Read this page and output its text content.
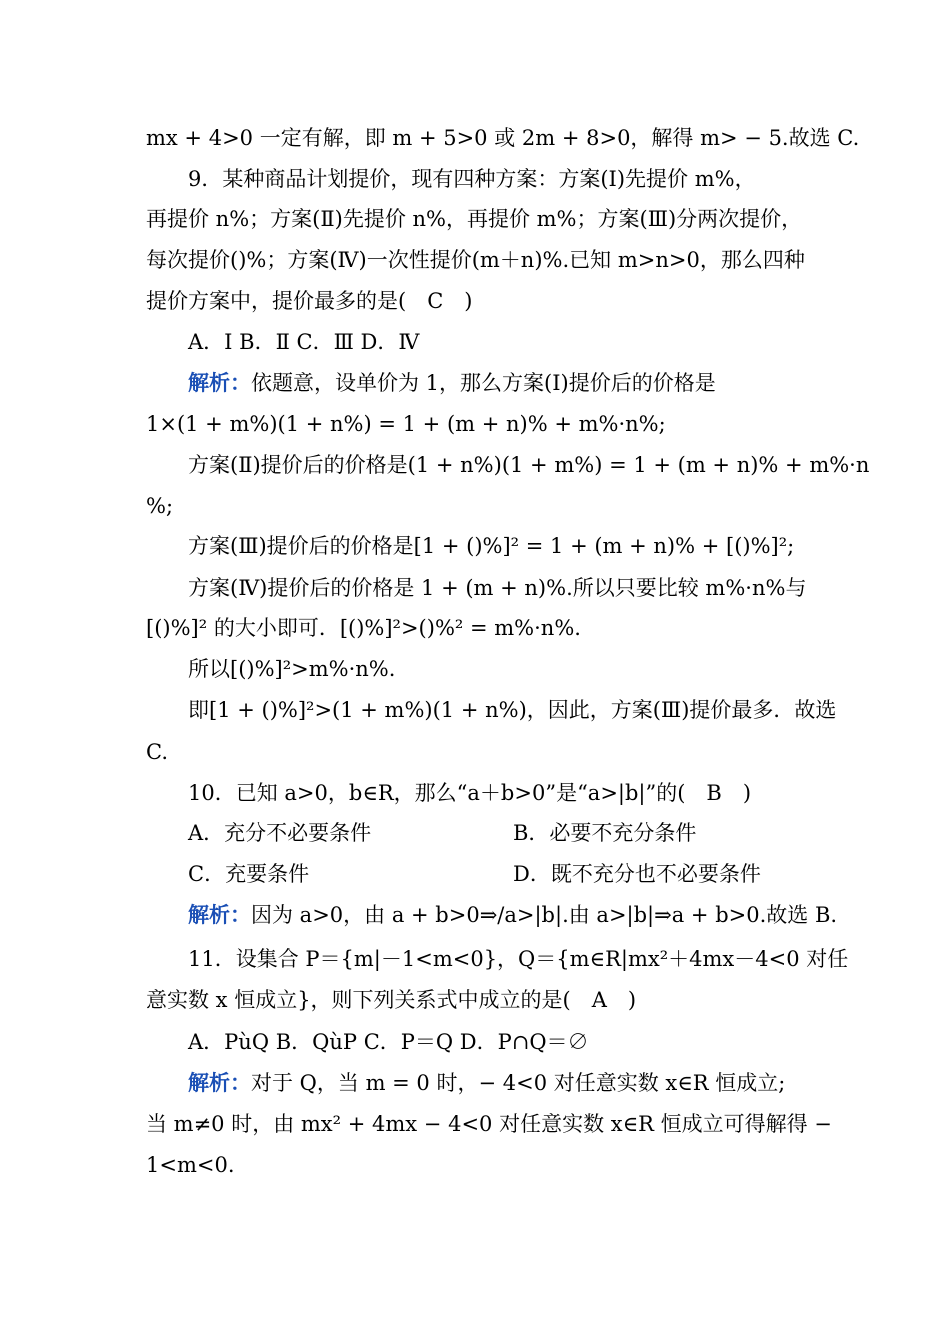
mx + 4>0 一定有解，即 m + 5>0 或 2m + 8>0，解得 m> − 5.故选 C.
9．某种商品计划提价，现有四种方案：方案(Ⅰ)先提价 m%，
再提价 n%；方案(Ⅱ)先提价 n%，再提价 m%；方案(Ⅲ)分两次提价，
每次提价()%；方案(Ⅳ)一次性提价(m＋n)%.已知 m>n>0，那么四种
提价方案中，提价最多的是(　C　)
A．Ⅰ B．Ⅱ C．Ⅲ D．Ⅳ
解析：依题意，设单价为 1，那么方案(Ⅰ)提价后的价格是
1×(1 + m%)(1 + n%) = 1 + (m + n)% + m%·n%;
方案(Ⅱ)提价后的价格是(1 + n%)(1 + m%) = 1 + (m + n)% + m%·n
%;
方案(Ⅲ)提价后的价格是[1 + ()%]² = 1 + (m + n)% + [()%]²;
方案(Ⅳ)提价后的价格是 1 + (m + n)%.所以只要比较 m%·n%与
[()%]² 的大小即可．[()%]²>()%² = m%·n%.
所以[()%]²>m%·n%.
即[1 + ()%]²>(1 + m%)(1 + n%)，因此，方案(Ⅲ)提价最多．故选
C.
10．已知 a>0，b∈R，那么“a＋b>0”是“a>|b|”的(　B　)
A．充分不必要条件	B．必要不充分条件
C．充要条件	D．既不充分也不必要条件
解析：因为 a>0，由 a + b>0⇒/a>|b|.由 a>|b|⇒a + b>0.故选 B.
11．设集合 P＝{m|－1<m<0}，Q＝{m∈R|mx²＋4mx－4<0 对任
意实数 x 恒成立}，则下列关系式中成立的是(　A　)
A．PùQ B．QùP C．P＝Q D．P∩Q＝∅
解析：对于 Q，当 m = 0 时，− 4<0 对任意实数 x∈R 恒成立;
当 m≠0 时，由 mx² + 4mx − 4<0 对任意实数 x∈R 恒成立可得解得 −
1<m<0.
